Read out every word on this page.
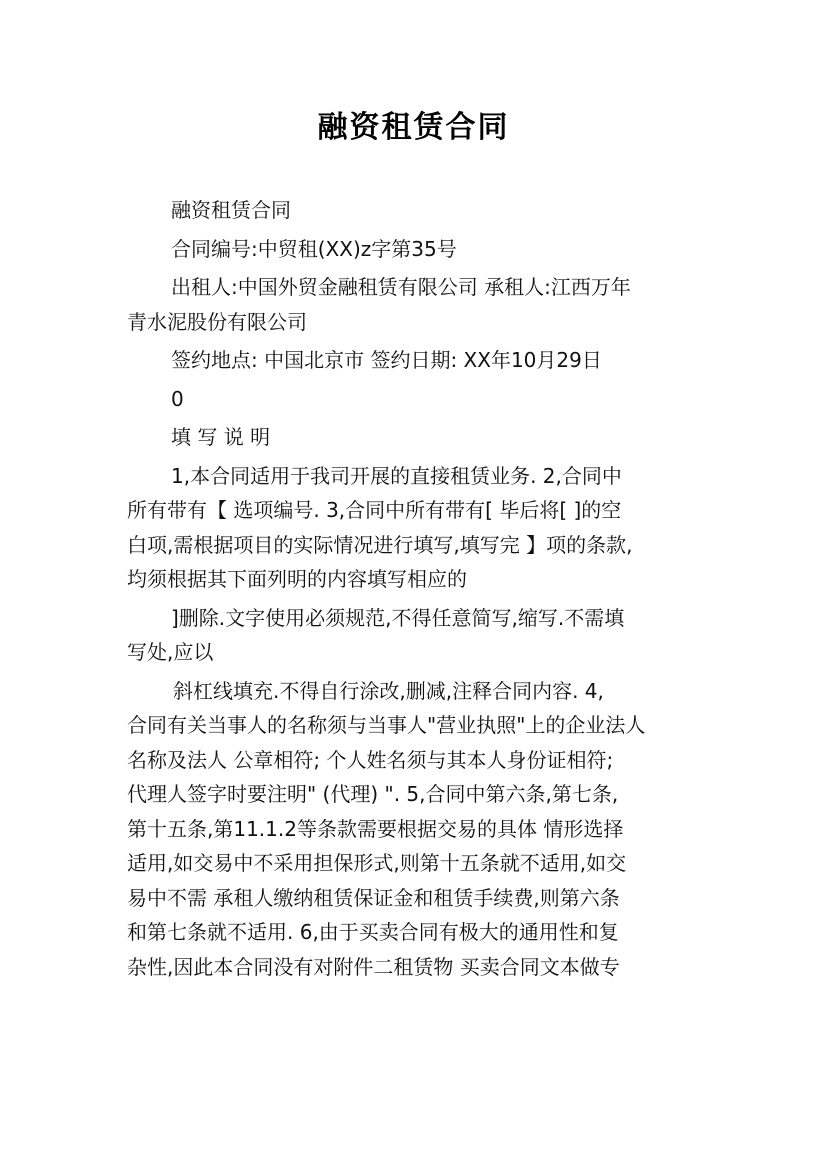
融资租赁合同
融资租赁合同
合同编号:中贸租(XX)z字第35号
出租人:中国外贸金融租赁有限公司 承租人:江西万年
青水泥股份有限公司
签约地点: 中国北京市 签约日期: XX年10月29日
0
填 写 说 明
1,本合同适用于我司开展的直接租赁业务. 2,合同中
所有带有【 选项编号. 3,合同中所有带有[ 毕后将[ ]的空
白项,需根据项目的实际情况进行填写,填写完 】项的条款,
均须根据其下面列明的内容填写相应的
]删除.文字使用必须规范,不得任意简写,缩写.不需填
写处,应以
斜杠线填充.不得自行涂改,删减,注释合同内容. 4,
合同有关当事人的名称须与当事人"营业执照"上的企业法人
名称及法人 公章相符; 个人姓名须与其本人身份证相符;
代理人签字时要注明" (代理) ". 5,合同中第六条,第七条,
第十五条,第11.1.2等条款需要根据交易的具体 情形选择
适用,如交易中不采用担保形式,则第十五条就不适用,如交
易中不需 承租人缴纳租赁保证金和租赁手续费,则第六条
和第七条就不适用. 6,由于买卖合同有极大的通用性和复
杂性,因此本合同没有对附件二租赁物 买卖合同文本做专
